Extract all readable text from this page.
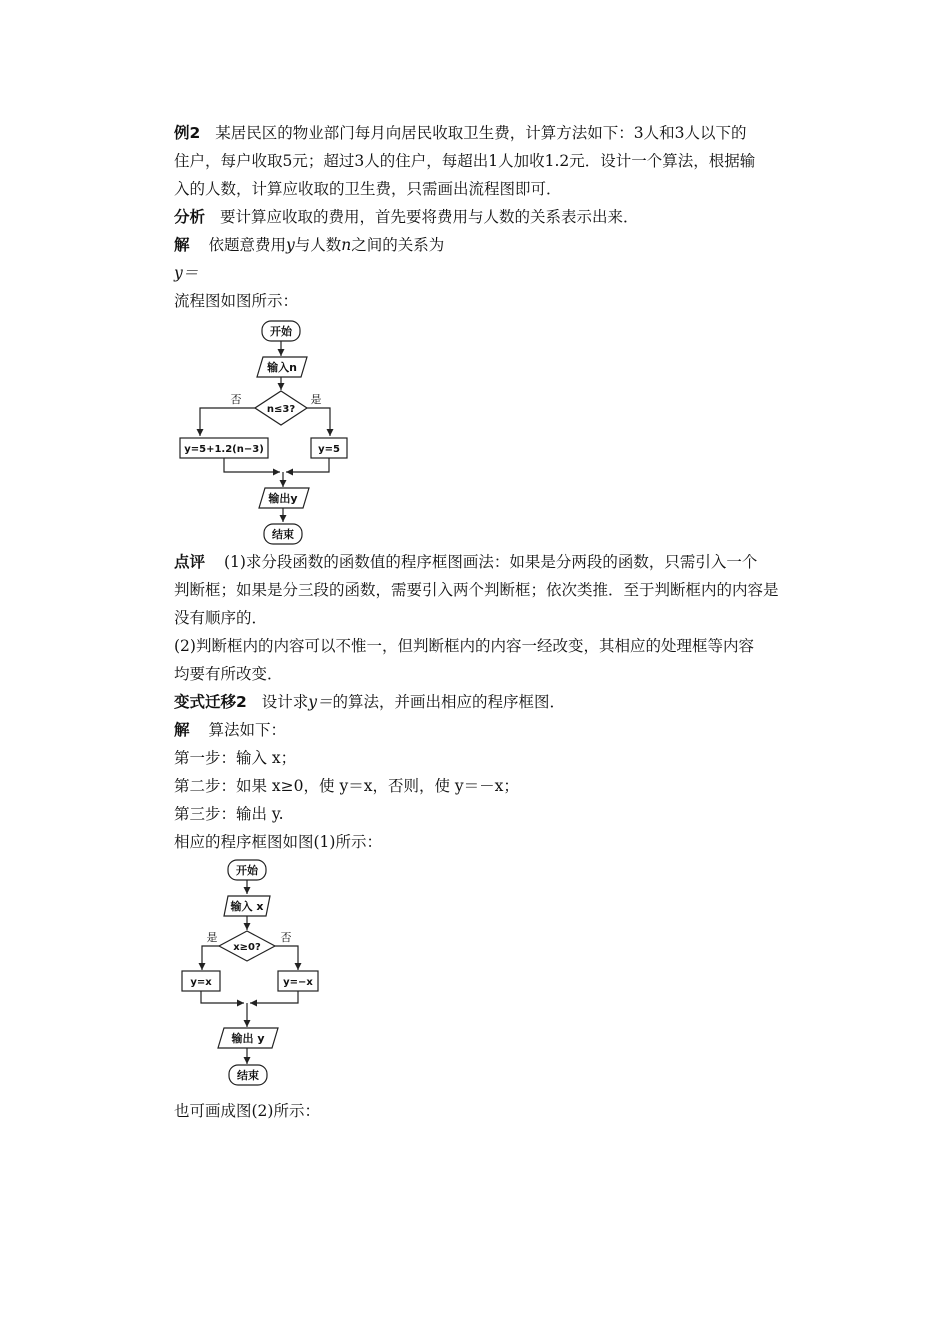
例2 某居民区的物业部门每月向居民收取卫生费，计算方法如下：3人和3人以下的
住户，每户收取5元；超过3人的住户，每超出1人加收1.2元．设计一个算法，根据输
入的人数，计算应收取的卫生费，只需画出流程图即可．
分析 要计算应收取的费用，首先要将费用与人数的关系表示出来．
解 依题意费用y与人数n之间的关系为
y＝
流程图如图所示：
开始
输入n
n≤3?
否	是
y=5+1.2(n−3)	y=5
输出y
结束
点评 (1)求分段函数的函数值的程序框图画法：如果是分两段的函数，只需引入一个
判断框；如果是分三段的函数，需要引入两个判断框；依次类推．至于判断框内的内容是
没有顺序的．
(2)判断框内的内容可以不惟一，但判断框内的内容一经改变，其相应的处理框等内容
均要有所改变．
变式迁移2 设计求y＝的算法，并画出相应的程序框图．
解 算法如下：
第一步：输入 x；
第二步：如果 x≥0，使 y＝x，否则，使 y＝－x；
第三步：输出 y.
相应的程序框图如图(1)所示：
开始
输入 x
x≥0?
是	否
y=x	y=−x
输出 y
结束
也可画成图(2)所示：
